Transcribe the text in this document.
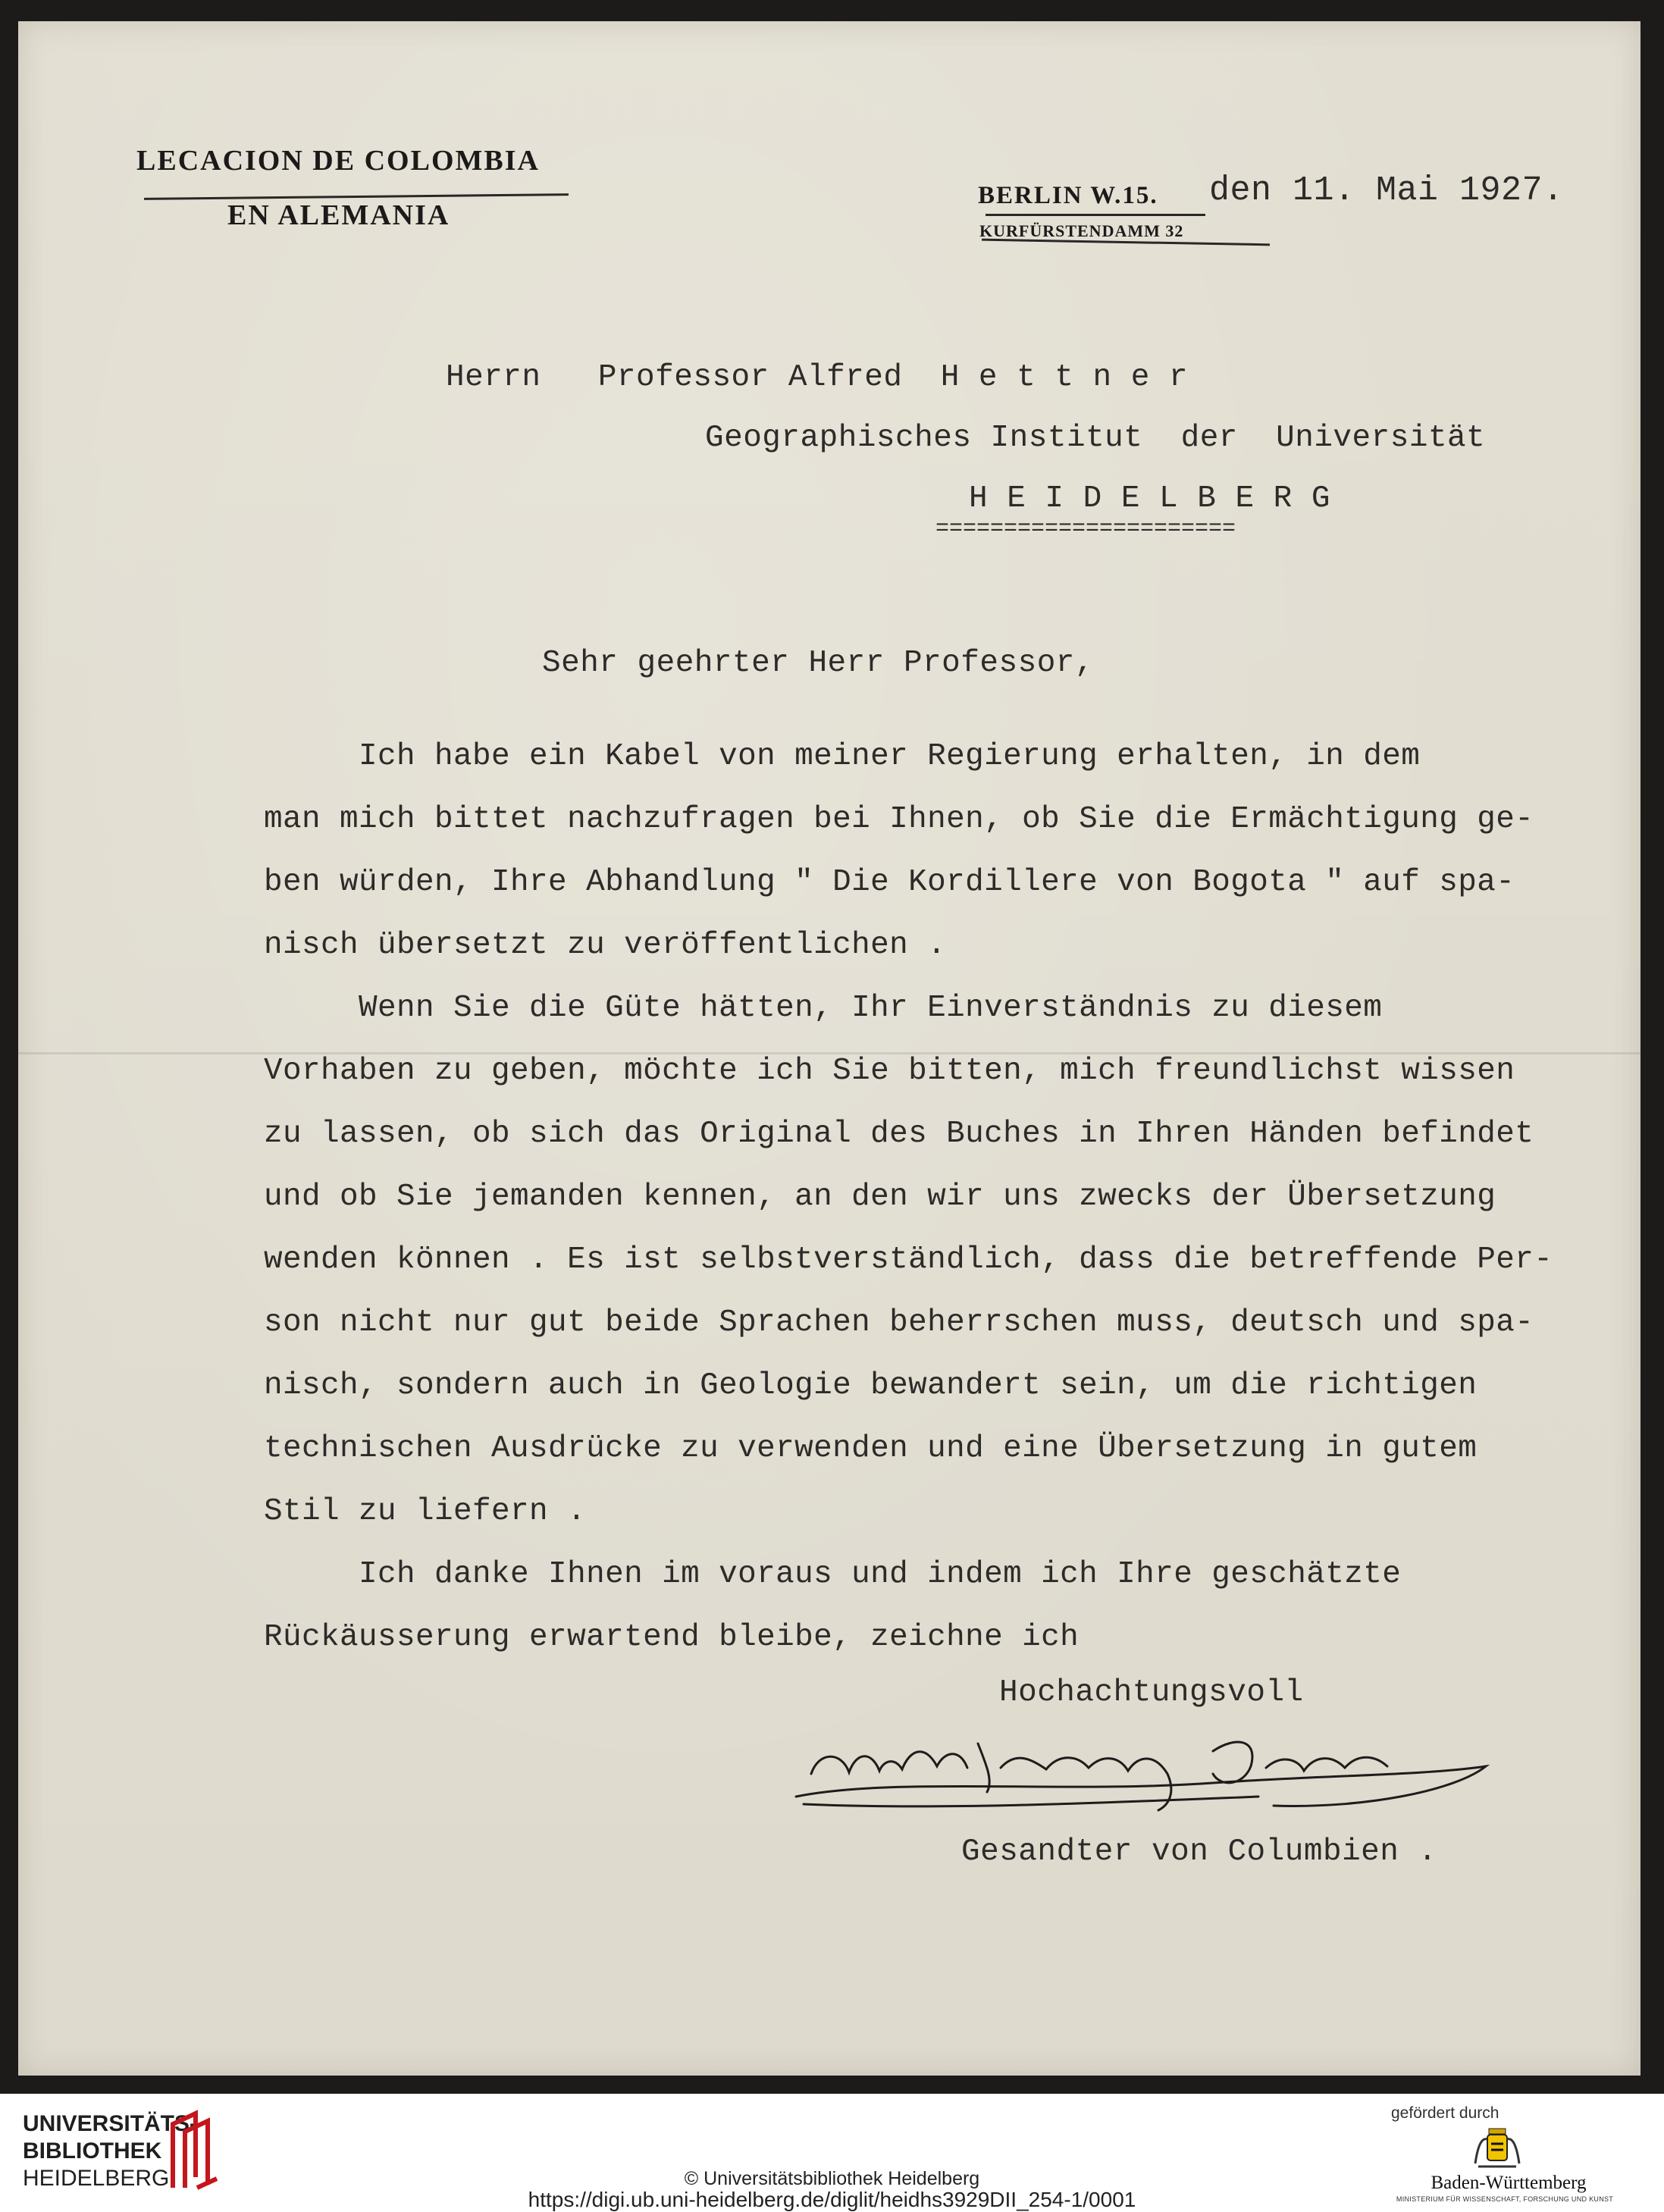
LECACION DE COLOMBIA
EN ALEMANIA
BERLIN W.15.
KURFÜRSTENDAMM 32
den 11. Mai 1927.
Herrn   Professor Alfred  H e t t n e r
Geographisches Institut  der  Universität
H E I D E L B E R G
======================
Sehr geehrter Herr Professor,
Ich habe ein Kabel von meiner Regierung erhalten, in dem
man mich bittet nachzufragen bei Ihnen, ob Sie die Ermächtigung ge-
ben würden, Ihre Abhandlung " Die Kordillere von Bogota " auf spa-
nisch übersetzt zu veröffentlichen .
Wenn Sie die Güte hätten, Ihr Einverständnis zu diesem
Vorhaben zu geben, möchte ich Sie bitten, mich freundlichst wissen
zu lassen, ob sich das Original des Buches in Ihren Händen befindet
und ob Sie jemanden kennen, an den wir uns zwecks der Übersetzung
wenden können . Es ist selbstverständlich, dass die betreffende Per-
son nicht nur gut beide Sprachen beherrschen muss, deutsch und spa-
nisch, sondern auch in Geologie bewandert sein, um die richtigen
technischen Ausdrücke zu verwenden und eine Übersetzung in gutem
Stil zu liefern .
Ich danke Ihnen im voraus und indem ich Ihre geschätzte
Rückäusserung erwartend bleibe, zeichne ich
Hochachtungsvoll
Gesandter von Columbien .
UNIVERSITÄTS-
BIBLIOTHEK
HEIDELBERG	© Universitätsbibliothek Heidelberg
https://digi.ub.uni-heidelberg.de/diglit/heidhs3929DII_254-1/0001
gefördert durch
Baden-Württemberg
MINISTERIUM FÜR WISSENSCHAFT, FORSCHUNG UND KUNST
